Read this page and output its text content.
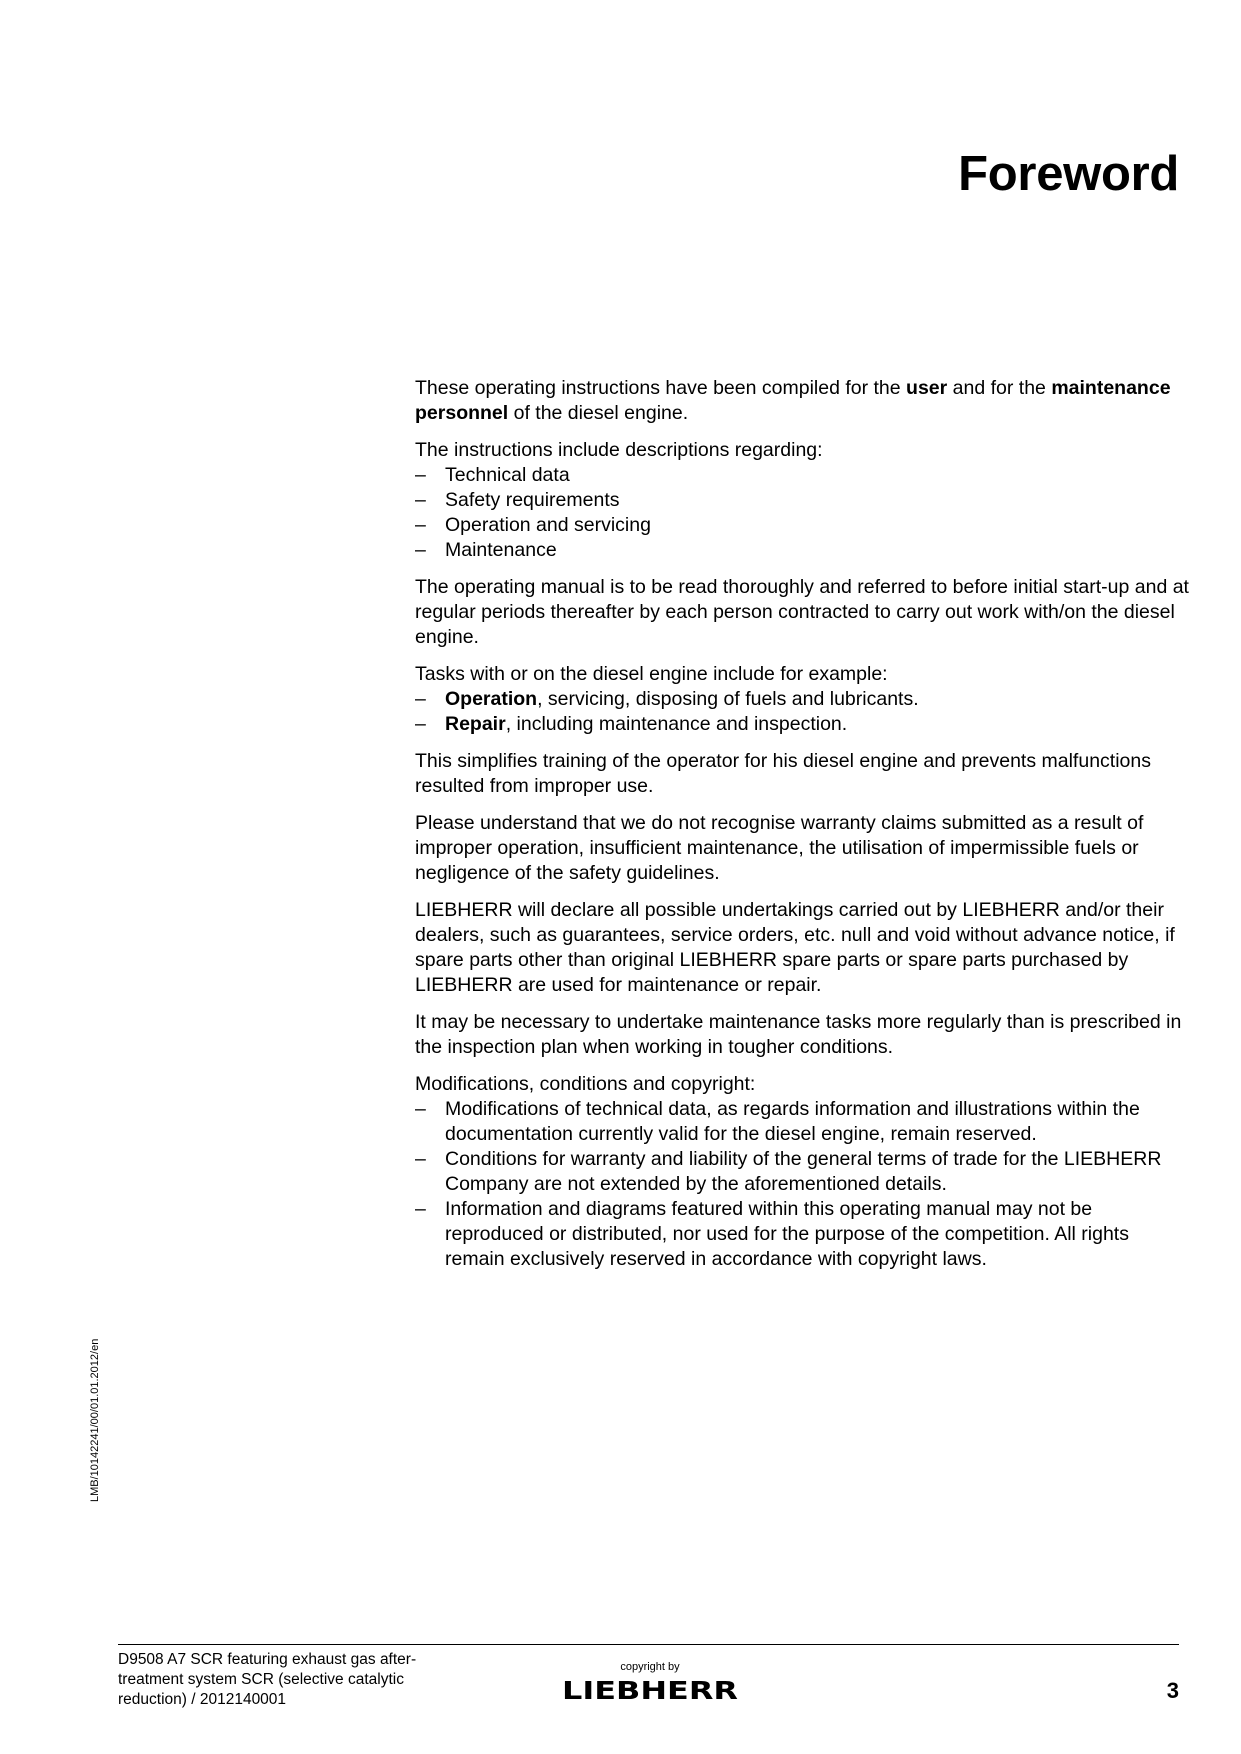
Foreword

These operating instructions have been compiled for the user and for the maintenance personnel of the diesel engine.

The instructions include descriptions regarding:

– Technical data
– Safety requirements
– Operation and servicing
– Maintenance

The operating manual is to be read thoroughly and referred to before initial start-up and at regular periods thereafter by each person contracted to carry out work with/on the diesel engine.

Tasks with or on the diesel engine include for example:

– Operation, servicing, disposing of fuels and lubricants.
– Repair, including maintenance and inspection.

This simplifies training of the operator for his diesel engine and prevents malfunctions resulted from improper use.

Please understand that we do not recognise warranty claims submitted as a result of improper operation, insufficient maintenance, the utilisation of impermissible fuels or negligence of the safety guidelines.

LIEBHERR will declare all possible undertakings carried out by LIEBHERR and/or their dealers, such as guarantees, service orders, etc. null and void without advance notice, if spare parts other than original LIEBHERR spare parts or spare parts purchased by LIEBHERR are used for maintenance or repair.

It may be necessary to undertake maintenance tasks more regularly than is prescribed in the inspection plan when working in tougher conditions.

Modifications, conditions and copyright:

– Modifications of technical data, as regards information and illustrations within the documentation currently valid for the diesel engine, remain reserved.
– Conditions for warranty and liability of the general terms of trade for the LIEBHERR Company are not extended by the aforementioned details.
– Information and diagrams featured within this operating manual may not be reproduced or distributed, nor used for the purpose of the competition. All rights remain exclusively reserved in accordance with copyright laws.
LMB/10142241/00/01.01.2012/en
D9508 A7 SCR featuring exhaust gas after-
treatment system SCR (selective catalytic
reduction) / 2012140001
copyright by
LIEBHERR	3
